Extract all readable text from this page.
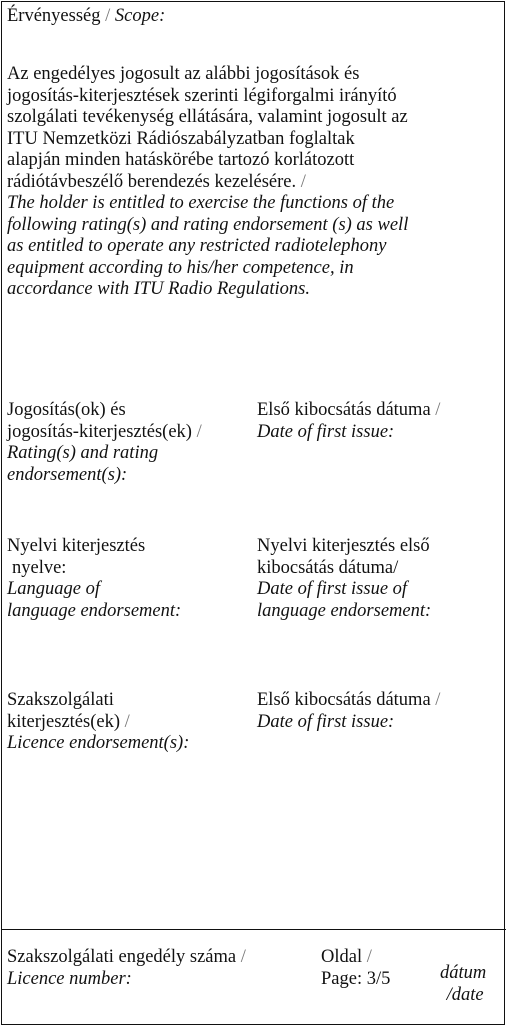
Érvényesség / Scope:
Az engedélyes jogosult az alábbi jogosítások és
jogosítás-kiterjesztések szerinti légiforgalmi irányító
szolgálati tevékenység ellátására, valamint jogosult az
ITU Nemzetközi Rádiószabályzatban foglaltak
alapján minden hatáskörébe tartozó korlátozott
rádiótávbeszélő berendezés kezelésére. /
The holder is entitled to exercise the functions of the
following rating(s) and rating endorsement (s) as well
as entitled to operate any restricted radiotelephony
equipment according to his/her competence, in
accordance with ITU Radio Regulations.
Jogosítás(ok) és
jogosítás-kiterjesztés(ek) /
Rating(s) and rating
endorsement(s):
Első kibocsátás dátuma /
Date of first issue:
Nyelvi kiterjesztés
nyelve:
Language of
language endorsement:
Nyelvi kiterjesztés első
kibocsátás dátuma/
Date of first issue of
language endorsement:
Szakszolgálati
kiterjesztés(ek) /
Licence endorsement(s):
Első kibocsátás dátuma /
Date of first issue:
Szakszolgálati engedély száma /
Licence number:
Oldal /
Page: 3/5	dátum
/date
